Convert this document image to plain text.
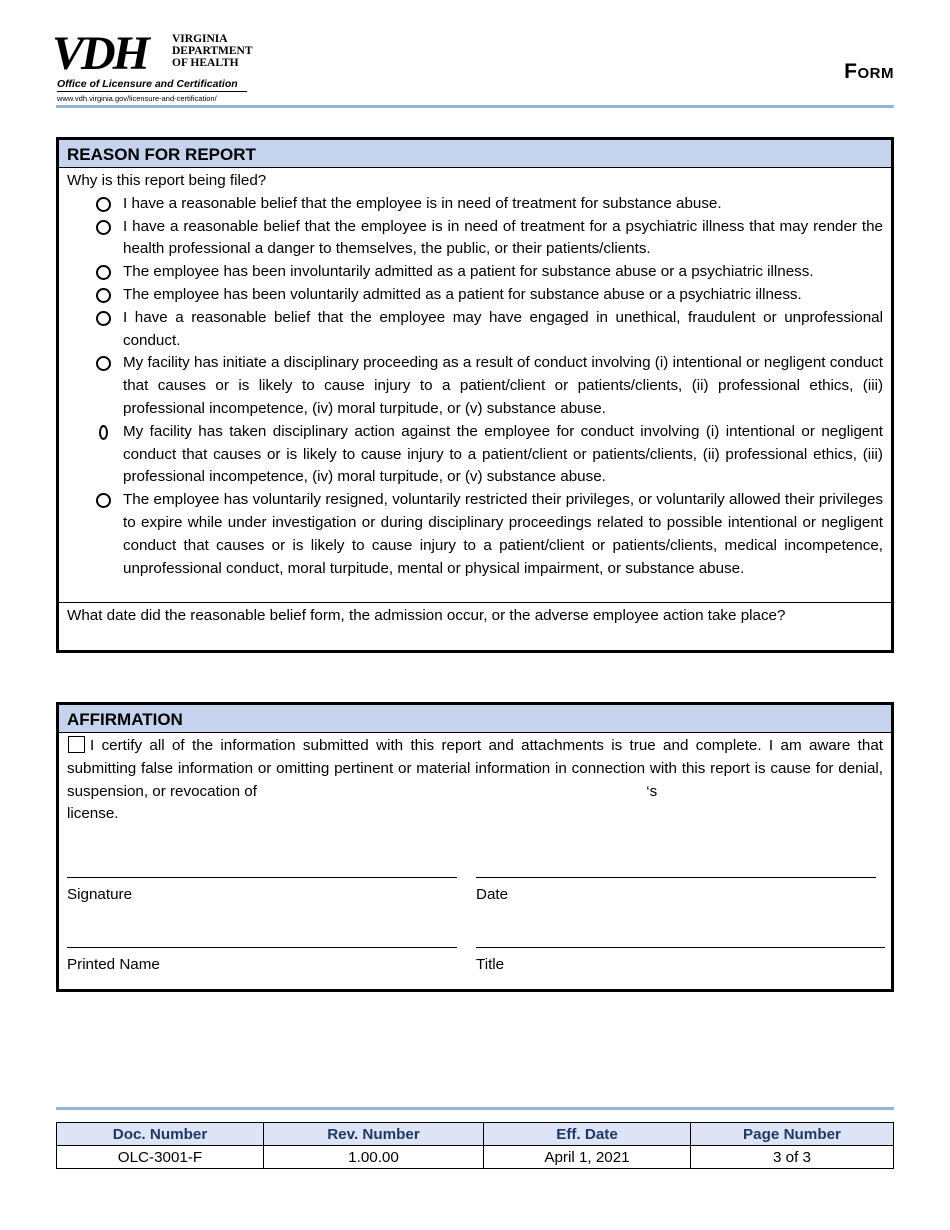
VDH VIRGINIA
DEPARTMENT
OF HEALTH
Office of Licensure and Certification
www.vdh.virginia.gov/licensure-and-certification/
Form
REASON FOR REPORT
Why is this report being filed?
I have a reasonable belief that the employee is in need of treatment for substance abuse.
I have a reasonable belief that the employee is in need of treatment for a psychiatric illness that may render the health professional a danger to themselves, the public, or their patients/clients.
The employee has been involuntarily admitted as a patient for substance abuse or a psychiatric illness.
The employee has been voluntarily admitted as a patient for substance abuse or a psychiatric illness.
I have a reasonable belief that the employee may have engaged in unethical, fraudulent or unprofessional conduct.
My facility has initiate a disciplinary proceeding as a result of conduct involving (i) intentional or negligent conduct that causes or is likely to cause injury to a patient/client or patients/clients, (ii) professional ethics, (iii) professional incompetence, (iv) moral turpitude, or (v) substance abuse.
My facility has taken disciplinary action against the employee for conduct involving (i) intentional or negligent conduct that causes or is likely to cause injury to a patient/client or patients/clients, (ii) professional ethics, (iii) professional incompetence, (iv) moral turpitude, or (v) substance abuse.
The employee has voluntarily resigned, voluntarily restricted their privileges, or voluntarily allowed their privileges to expire while under investigation or during disciplinary proceedings related to possible intentional or negligent conduct that causes or is likely to cause injury to a patient/client or patients/clients, medical incompetence, unprofessional conduct, moral turpitude, mental or physical impairment, or substance abuse.
What date did the reasonable belief form, the admission occur, or the adverse employee action take place?
AFFIRMATION
I certify all of the information submitted with this report and attachments is true and complete. I am aware that submitting false information or omitting pertinent or material information in connection with this report is cause for denial, suspension, or revocation of	‘s
license.
Signature	Date
Printed Name	Title
Doc. Number	Rev. Number	Eff. Date	Page Number
OLC-3001-F	1.00.00	April 1, 2021	3 of 3
